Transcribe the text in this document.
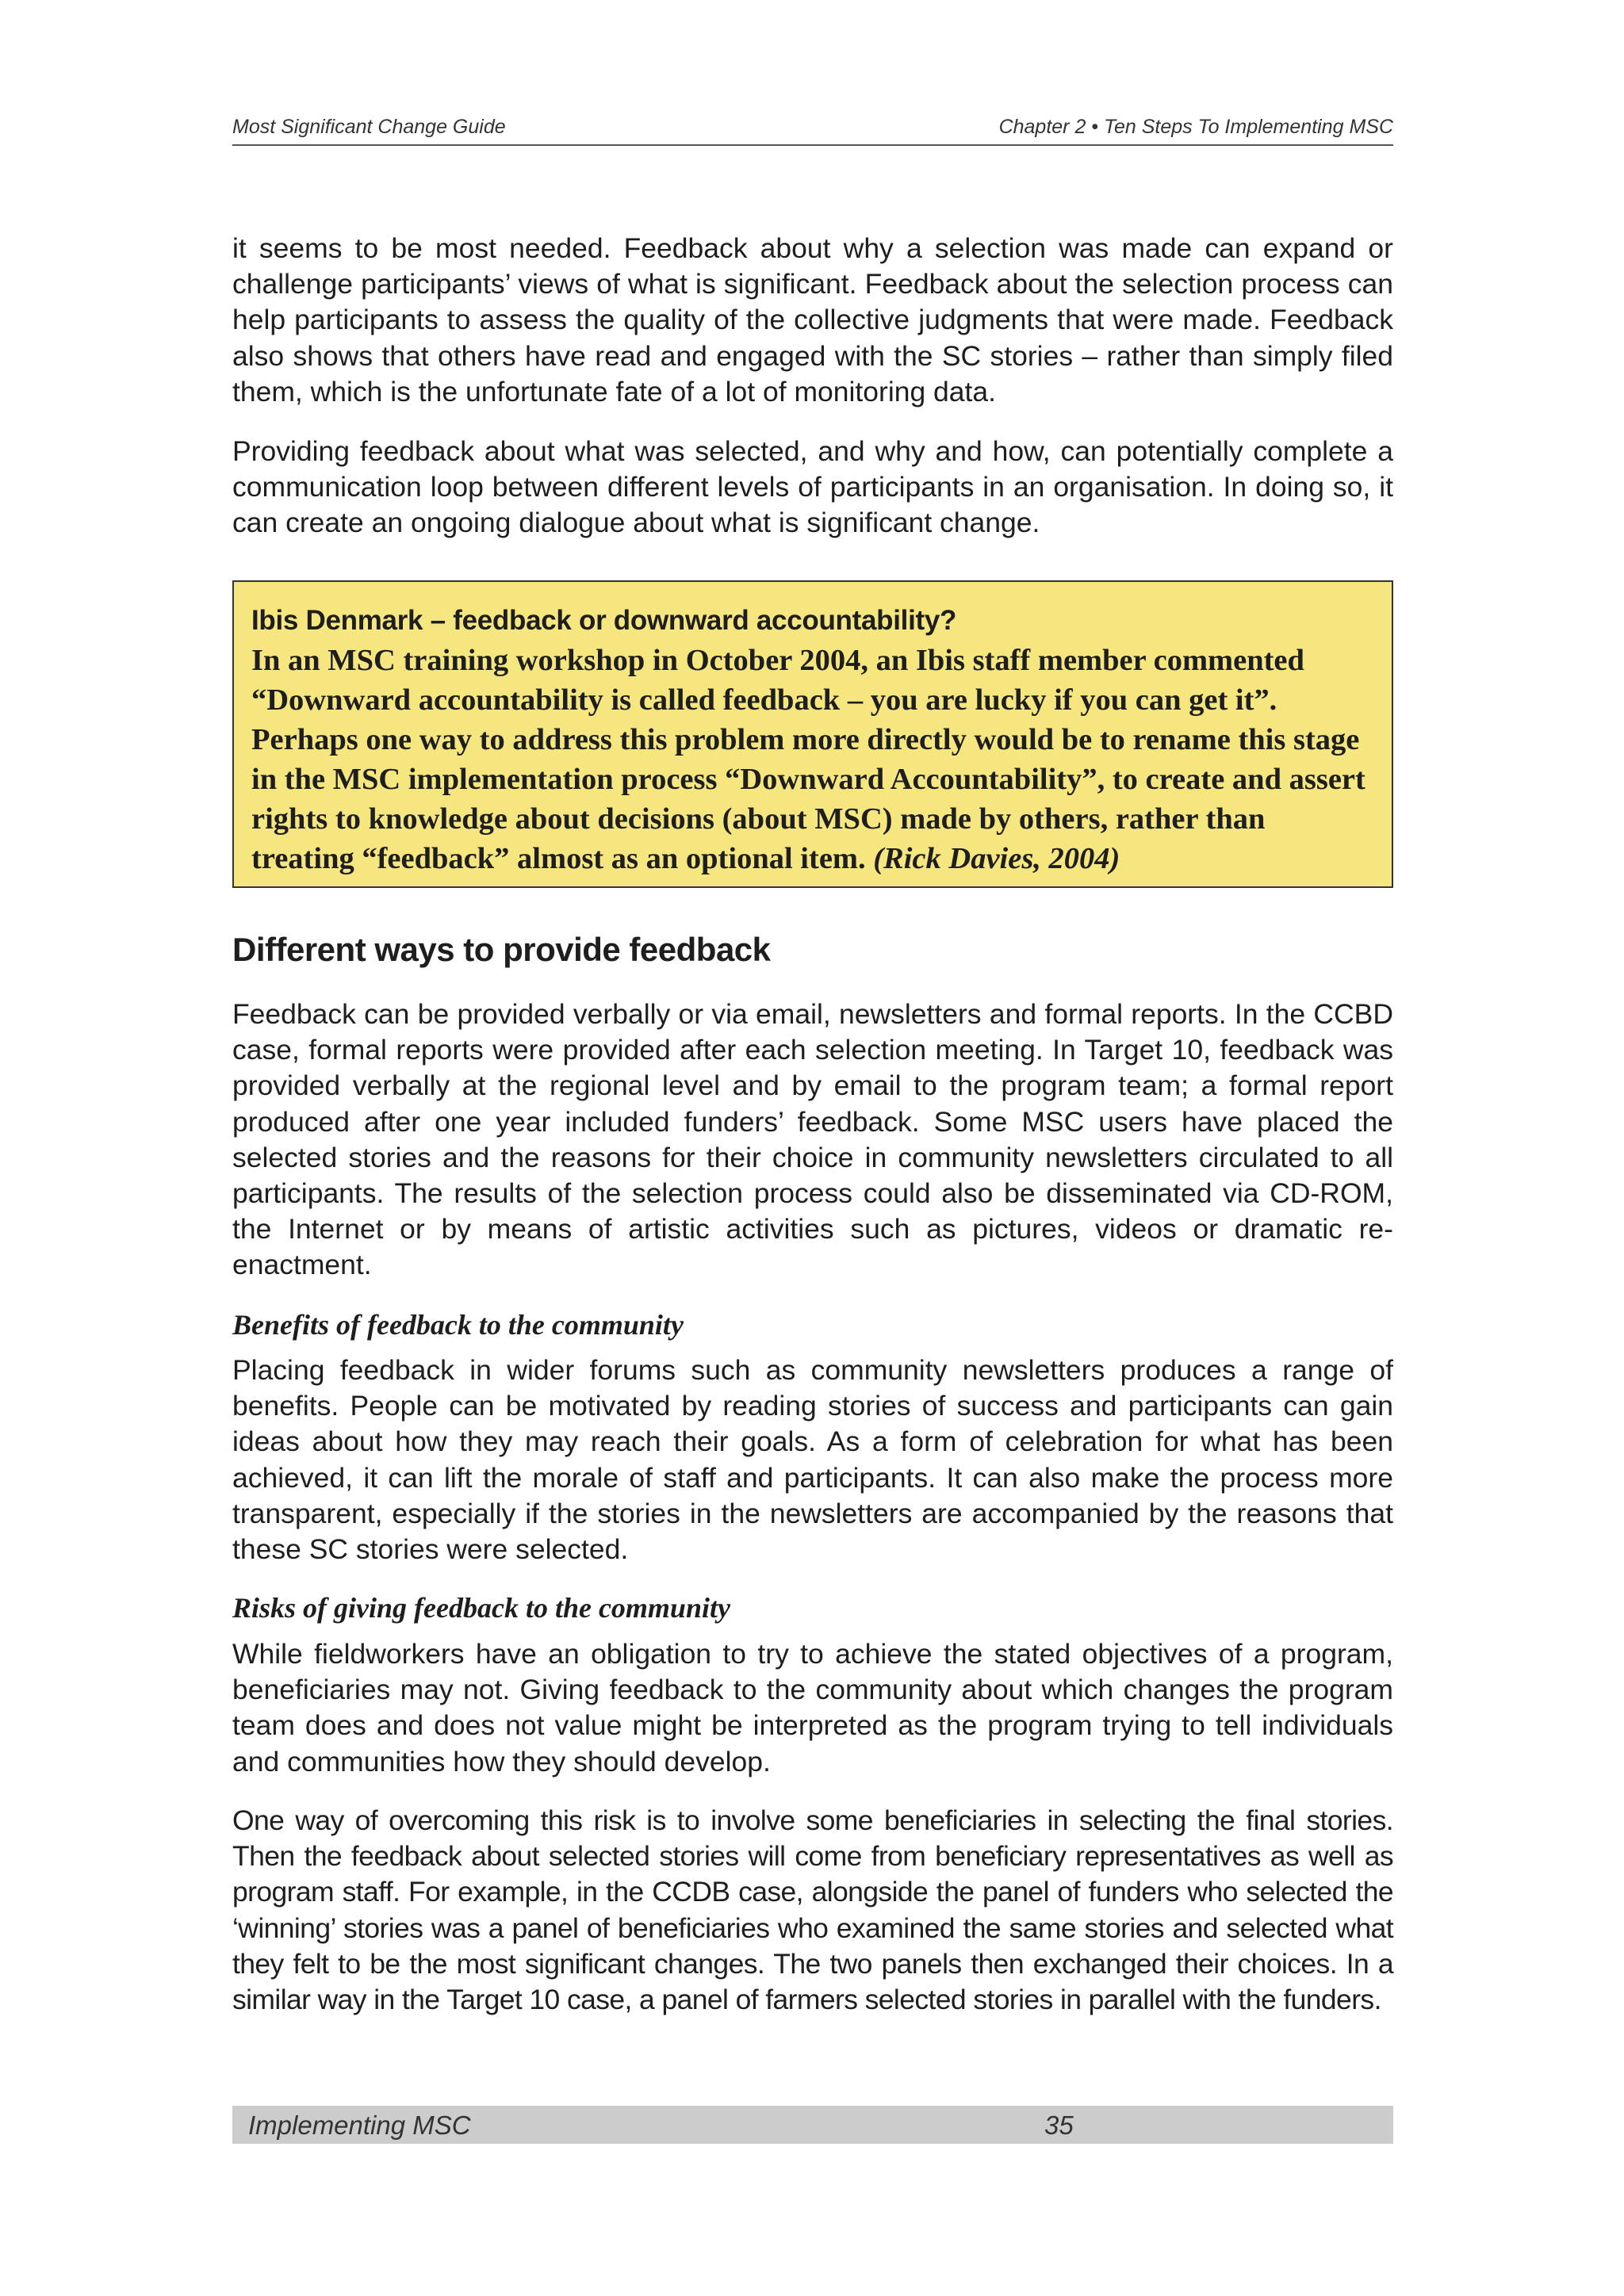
Most Significant Change Guide	Chapter 2 • Ten Steps To Implementing MSC

it seems to be most needed. Feedback about why a selection was made can expand or challenge participants’ views of what is significant. Feedback about the selection process can help participants to assess the quality of the collective judgments that were made. Feedback also shows that others have read and engaged with the SC stories – rather than simply filed them, which is the unfortunate fate of a lot of monitoring data.

Providing feedback about what was selected, and why and how, can potentially complete a communication loop between different levels of participants in an organisation. In doing so, it can create an ongoing dialogue about what is significant change.

Ibis Denmark – feedback or downward accountability?

In an MSC training workshop in October 2004, an Ibis staff member commented “Downward accountability is called feedback – you are lucky if you can get it”. Perhaps one way to address this problem more directly would be to rename this stage in the MSC implementation process “Downward Accountability”, to create and assert rights to knowledge about decisions (about MSC) made by others, rather than treating “feedback” almost as an optional item. (Rick Davies, 2004)

Different ways to provide feedback

Feedback can be provided verbally or via email, newsletters and formal reports. In the CCBD case, formal reports were provided after each selection meeting. In Target 10, feedback was provided verbally at the regional level and by email to the program team; a formal report produced after one year included funders’ feedback. Some MSC users have placed the selected stories and the reasons for their choice in community newsletters circulated to all participants. The results of the selection process could also be disseminated via CD-ROM, the Internet or by means of artistic activities such as pictures, videos or dramatic re-enactment.

Benefits of feedback to the community

Placing feedback in wider forums such as community newsletters produces a range of benefits. People can be motivated by reading stories of success and participants can gain ideas about how they may reach their goals. As a form of celebration for what has been achieved, it can lift the morale of staff and participants. It can also make the process more transparent, especially if the stories in the newsletters are accompanied by the reasons that these SC stories were selected.

Risks of giving feedback to the community

While fieldworkers have an obligation to try to achieve the stated objectives of a program, beneficiaries may not. Giving feedback to the community about which changes the program team does and does not value might be interpreted as the program trying to tell individuals and communities how they should develop.

One way of overcoming this risk is to involve some beneficiaries in selecting the final stories. Then the feedback about selected stories will come from beneficiary representatives as well as program staff. For example, in the CCDB case, alongside the panel of funders who selected the ‘winning’ stories was a panel of beneficiaries who examined the same stories and selected what they felt to be the most significant changes. The two panels then exchanged their choices. In a similar way in the Target 10 case, a panel of farmers selected stories in parallel with the funders.

Implementing MSC	35
